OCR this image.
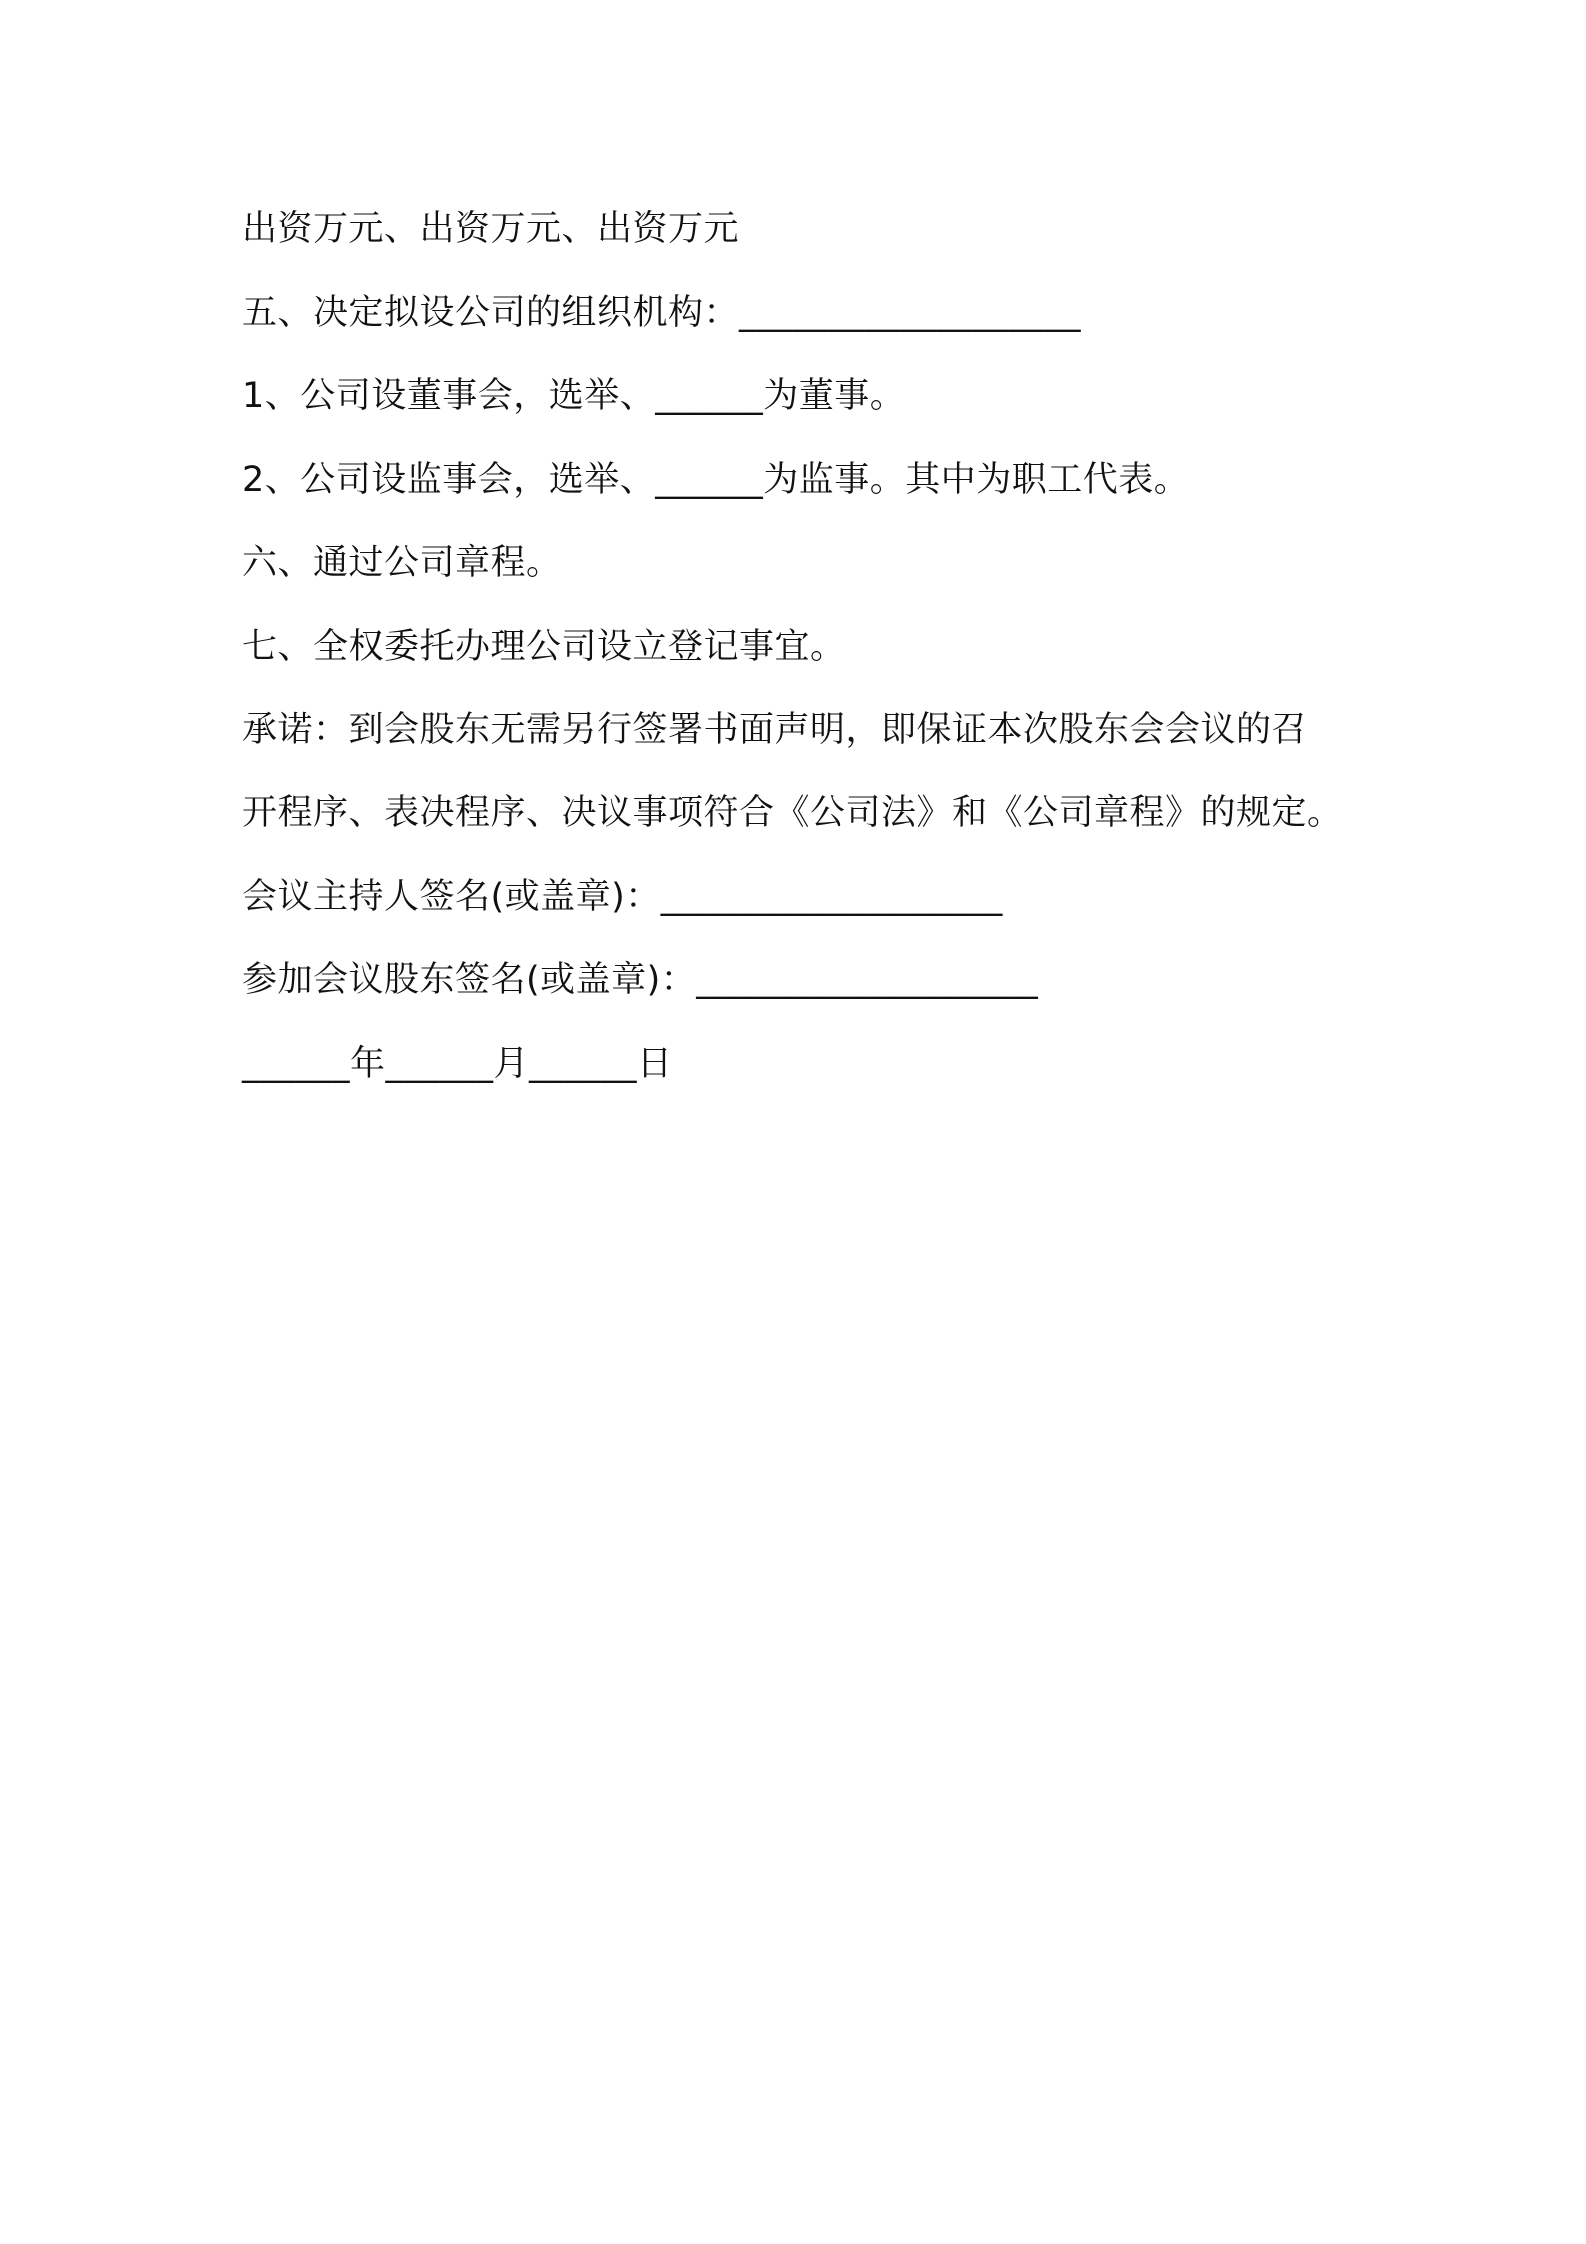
出资万元、出资万元、出资万元
五、决定拟设公司的组织机构：___________________
1、公司设董事会，选举、______为董事。
2、公司设监事会，选举、______为监事。其中为职工代表。
六、通过公司章程。
七、全权委托办理公司设立登记事宜。
承诺：到会股东无需另行签署书面声明，即保证本次股东会会议的召
开程序、表决程序、决议事项符合《公司法》和《公司章程》的规定。
会议主持人签名(或盖章)：___________________
参加会议股东签名(或盖章)：___________________
______年______月______日
